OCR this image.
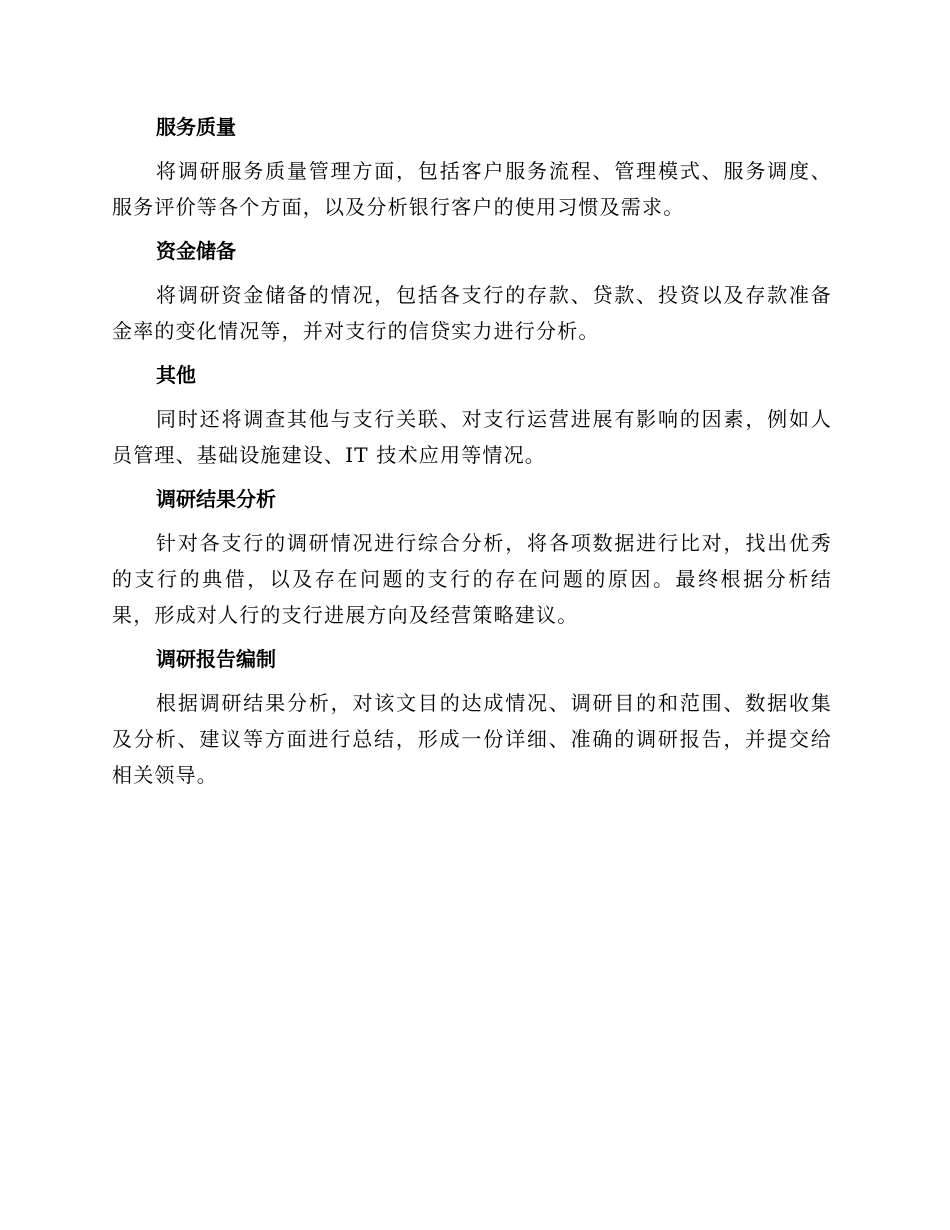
服务质量

将调研服务质量管理方面，包括客户服务流程、管理模式、服务调度、服务评价等各个方面，以及分析银行客户的使用习惯及需求。

资金储备

将调研资金储备的情况，包括各支行的存款、贷款、投资以及存款准备金率的变化情况等，并对支行的信贷实力进行分析。

其他

同时还将调查其他与支行关联、对支行运营进展有影响的因素，例如人员管理、基础设施建设、IT 技术应用等情况。

调研结果分析

针对各支行的调研情况进行综合分析，将各项数据进行比对，找出优秀的支行的典借，以及存在问题的支行的存在问题的原因。最终根据分析结果，形成对人行的支行进展方向及经营策略建议。

调研报告编制

根据调研结果分析，对该文目的达成情况、调研目的和范围、数据收集及分析、建议等方面进行总结，形成一份详细、准确的调研报告，并提交给相关领导。
